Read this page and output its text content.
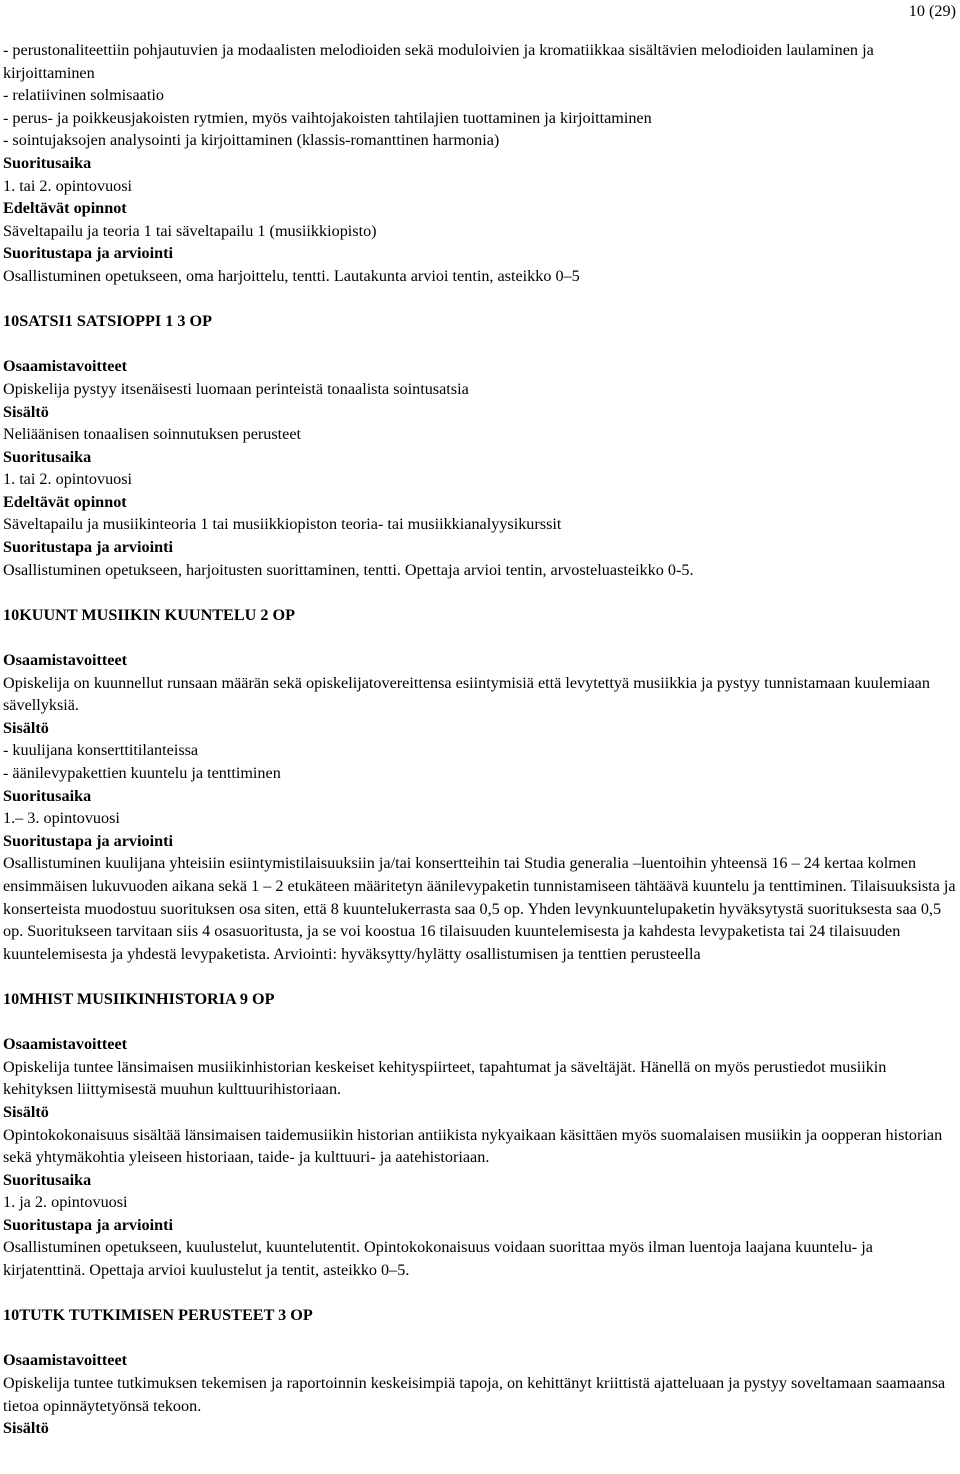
10 (29)

- perustonaliteettiin pohjautuvien ja modaalisten melodioiden sekä moduloivien ja kromatiikkaa sisältävien melodioiden laulaminen ja kirjoittaminen

- relatiivinen solmisaatio

- perus- ja poikkeusjakoisten rytmien, myös vaihtojakoisten tahtilajien tuottaminen ja kirjoittaminen

- sointujaksojen analysointi ja kirjoittaminen (klassis-romanttinen harmonia)

Suoritusaika

1. tai 2. opintovuosi

Edeltävät opinnot

Säveltapailu ja teoria 1 tai säveltapailu 1 (musiikkiopisto)

Suoritustapa ja arviointi

Osallistuminen opetukseen, oma harjoittelu, tentti. Lautakunta arvioi tentin, asteikko 0–5

10SATSI1 SATSIOPPI 1 3 OP

Osaamistavoitteet

Opiskelija pystyy itsenäisesti luomaan perinteistä tonaalista sointusatsia

Sisältö

Neliäänisen tonaalisen soinnutuksen perusteet

Suoritusaika

1. tai 2. opintovuosi

Edeltävät opinnot

Säveltapailu ja musiikinteoria 1 tai musiikkiopiston teoria- tai musiikkianalyysikurssit

Suoritustapa ja arviointi

Osallistuminen opetukseen, harjoitusten suorittaminen, tentti. Opettaja arvioi tentin, arvosteluasteikko 0-5.

10KUUNT MUSIIKIN KUUNTELU 2 OP

Osaamistavoitteet

Opiskelija on kuunnellut runsaan määrän sekä opiskelijatovereittensa esiintymisiä että levytettyä musiikkia ja pystyy tunnistamaan kuulemiaan sävellyksiä.

Sisältö

- kuulijana konserttitilanteissa

- äänilevypakettien kuuntelu ja tenttiminen

Suoritusaika

1.– 3. opintovuosi

Suoritustapa ja arviointi

Osallistuminen kuulijana yhteisiin esiintymistilaisuuksiin ja/tai konsertteihin tai Studia generalia –luentoihin yhteensä 16 – 24 kertaa kolmen ensimmäisen lukuvuoden aikana sekä 1 – 2 etukäteen määritetyn äänilevypaketin tunnistamiseen tähtäävä kuuntelu ja tenttiminen. Tilaisuuksista ja konserteista muodostuu suorituksen osa siten, että 8 kuuntelukerrasta saa 0,5 op. Yhden levynkuuntelupaketin hyväksytystä suorituksesta saa 0,5 op. Suoritukseen tarvitaan siis 4 osasuoritusta, ja se voi koostua 16 tilaisuuden kuuntelemisesta ja kahdesta levypaketista tai 24 tilaisuuden kuuntelemisesta ja yhdestä levypaketista. Arviointi: hyväksytty/hylätty osallistumisen ja tenttien perusteella

10MHIST MUSIIKINHISTORIA 9 OP

Osaamistavoitteet

Opiskelija tuntee länsimaisen musiikinhistorian keskeiset kehityspiirteet, tapahtumat ja säveltäjät. Hänellä on myös perustiedot musiikin kehityksen liittymisestä muuhun kulttuurihistoriaan.

Sisältö

Opintokokonaisuus sisältää länsimaisen taidemusiikin historian antiikista nykyaikaan käsittäen myös suomalaisen musiikin ja oopperan historian sekä yhtymäkohtia yleiseen historiaan, taide- ja kulttuuri- ja aatehistoriaan.

Suoritusaika

1. ja 2. opintovuosi

Suoritustapa ja arviointi

Osallistuminen opetukseen, kuulustelut, kuuntelutentit. Opintokokonaisuus voidaan suorittaa myös ilman luentoja laajana kuuntelu- ja kirjatenttinä. Opettaja arvioi kuulustelut ja tentit, asteikko 0–5.

10TUTK TUTKIMISEN PERUSTEET 3 OP

Osaamistavoitteet

Opiskelija tuntee tutkimuksen tekemisen ja raportoinnin keskeisimpiä tapoja, on kehittänyt kriittistä ajatteluaan ja pystyy soveltamaan saamaansa tietoa opinnäytetyönsä tekoon.

Sisältö
